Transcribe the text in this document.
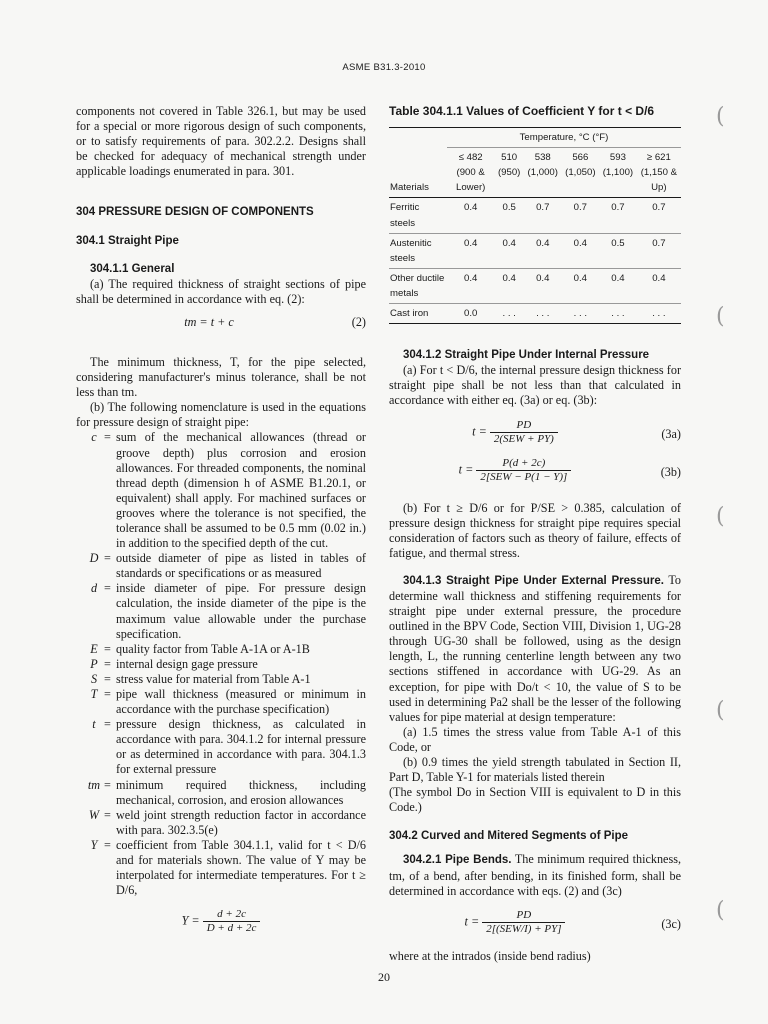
ASME B31.3-2010

components not covered in Table 326.1, but may be used for a special or more rigorous design of such components, or to satisfy requirements of para. 302.2.2. Designs shall be checked for adequacy of mechanical strength under applicable loadings enumerated in para. 301.

304 PRESSURE DESIGN OF COMPONENTS

304.1 Straight Pipe

304.1.1 General

(a) The required thickness of straight sections of pipe shall be determined in accordance with eq. (2):

tm = t + c	(2)

The minimum thickness, T, for the pipe selected, considering manufacturer's minus tolerance, shall be not less than tm.

(b) The following nomenclature is used in the equations for pressure design of straight pipe:

c = sum of the mechanical allowances (thread or groove depth) plus corrosion and erosion allowances. For threaded components, the nominal thread depth (dimension h of ASME B1.20.1, or equivalent) shall apply. For machined surfaces or grooves where the tolerance is not specified, the tolerance shall be assumed to be 0.5 mm (0.02 in.) in addition to the specified depth of the cut.
D = outside diameter of pipe as listed in tables of standards or specifications or as measured
d = inside diameter of pipe. For pressure design calculation, the inside diameter of the pipe is the maximum value allowable under the purchase specification.
E = quality factor from Table A-1A or A-1B
P = internal design gage pressure
S = stress value for material from Table A-1
T = pipe wall thickness (measured or minimum in accordance with the purchase specification)
t = pressure design thickness, as calculated in accordance with para. 304.1.2 for internal pressure or as determined in accordance with para. 304.1.3 for external pressure
tm = minimum required thickness, including mechanical, corrosion, and erosion allowances
W = weld joint strength reduction factor in accordance with para. 302.3.5(e)
Y = coefficient from Table 304.1.1, valid for t < D/6 and for materials shown. The value of Y may be interpolated for intermediate temperatures. For t ≥ D/6,
$Y = \frac{d + 2c}{D + d + 2c}$
Table 304.1.1 Values of Coefficient Y for t < D/6
	Temperature, °C (°F)					
Materials	≤ 482 (900 & Lower)	510 (950)	538 (1,000)	566 (1,050)	593 (1,100)	≥ 621 (1,150 & Up)
Ferritic steels	0.4	0.5	0.7	0.7	0.7	0.7
Austenitic steels	0.4	0.4	0.4	0.4	0.5	0.7
Other ductile metals	0.4	0.4	0.4	0.4	0.4	0.4
Cast iron	0.0	. . .	. . .	. . .	. . .	. . .

304.1.2 Straight Pipe Under Internal Pressure

(a) For t < D/6, the internal pressure design thickness for straight pipe shall be not less than that calculated in accordance with either eq. (3a) or eq. (3b):

$t = \frac{PD}{\text{2(SEW + PY)}}$	(3a)
$t = \frac{P(d + 2c)}{\text{2[SEW − P(1 − Y)]}}$	(3b)

(b) For t ≥ D/6 or for P/SE > 0.385, calculation of pressure design thickness for straight pipe requires special consideration of factors such as theory of failure, effects of fatigue, and thermal stress.

304.1.3 Straight Pipe Under External Pressure. To determine wall thickness and stiffening requirements for straight pipe under external pressure, the procedure outlined in the BPV Code, Section VIII, Division 1, UG-28 through UG-30 shall be followed, using as the design length, L, the running centerline length between any two sections stiffened in accordance with UG-29. As an exception, for pipe with Do/t < 10, the value of S to be used in determining Pa2 shall be the lesser of the following values for pipe material at design temperature:

(a) 1.5 times the stress value from Table A-1 of this Code, or

(b) 0.9 times the yield strength tabulated in Section II, Part D, Table Y-1 for materials listed therein

(The symbol Do in Section VIII is equivalent to D in this Code.)

304.2 Curved and Mitered Segments of Pipe

304.2.1 Pipe Bends. The minimum required thickness, tm, of a bend, after bending, in its finished form, shall be determined in accordance with eqs. (2) and (3c)

$t = \frac{PD}{\text{2[(SEW/I) + PY]}}$	(3c)

where at the intrados (inside bend radius)

(
(
(
(
(
20
